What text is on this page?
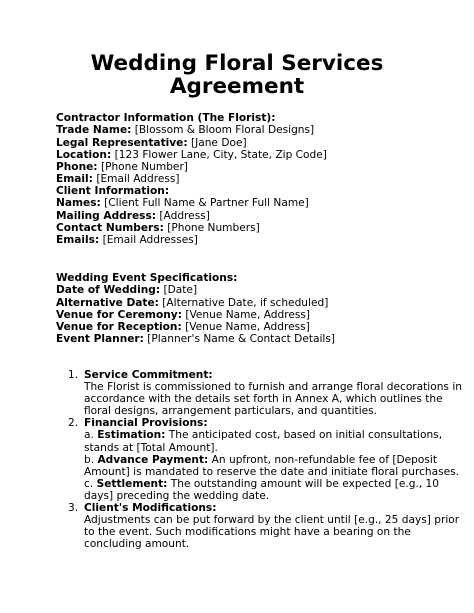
Wedding Floral Services
Agreement
Contractor Information (The Florist):
Trade Name: [Blossom & Bloom Floral Designs]
Legal Representative: [Jane Doe]
Location: [123 Flower Lane, City, State, Zip Code]
Phone: [Phone Number]
Email: [Email Address]
Client Information:
Names: [Client Full Name & Partner Full Name]
Mailing Address: [Address]
Contact Numbers: [Phone Numbers]
Emails: [Email Addresses]
Wedding Event Specifications:
Date of Wedding: [Date]
Alternative Date: [Alternative Date, if scheduled]
Venue for Ceremony: [Venue Name, Address]
Venue for Reception: [Venue Name, Address]
Event Planner: [Planner's Name & Contact Details]
1. Service Commitment:
The Florist is commissioned to furnish and arrange floral decorations in
accordance with the details set forth in Annex A, which outlines the
floral designs, arrangement particulars, and quantities.
2. Financial Provisions:
a. Estimation: The anticipated cost, based on initial consultations,
stands at [Total Amount].
b. Advance Payment: An upfront, non-refundable fee of [Deposit
Amount] is mandated to reserve the date and initiate floral purchases.
c. Settlement: The outstanding amount will be expected [e.g., 10
days] preceding the wedding date.
3. Client's Modifications:
Adjustments can be put forward by the client until [e.g., 25 days] prior
to the event. Such modifications might have a bearing on the
concluding amount.
